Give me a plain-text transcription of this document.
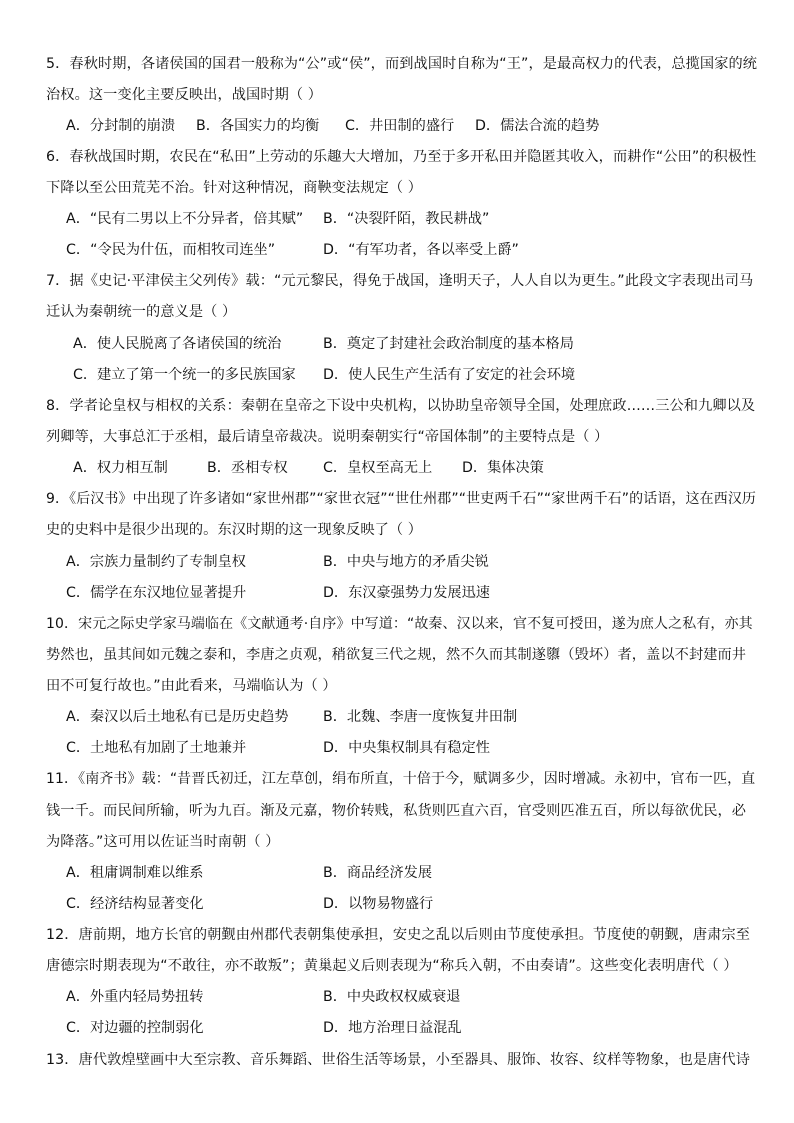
5．春秋时期，各诸侯国的国君一般称为“公”或“侯”，而到战国时自称为“王”，是最高权力的代表，总揽国家的统
治权。这一变化主要反映出，战国时期（ ）
A．分封制的崩溃 B．各国实力的均衡 C．井田制的盛行 D．儒法合流的趋势
6．春秋战国时期，农民在“私田”上劳动的乐趣大大增加，乃至于多开私田并隐匿其收入，而耕作“公田”的积极性
下降以至公田荒芜不治。针对这种情况，商鞅变法规定（ ）
A．“民有二男以上不分异者，倍其赋” B．“决裂阡陌，教民耕战”
C．“令民为什伍，而相牧司连坐”	D．“有军功者，各以率受上爵”
7．据《史记·平津侯主父列传》载：“元元黎民，得免于战国，逢明天子，人人自以为更生。”此段文字表现出司马
迁认为秦朝统一的意义是（ ）
A．使人民脱离了各诸侯国的统治	B．奠定了封建社会政治制度的基本格局
C．建立了第一个统一的多民族国家 D．使人民生产生活有了安定的社会环境
8．学者论皇权与相权的关系：秦朝在皇帝之下设中央机构，以协助皇帝领导全国，处理庶政……三公和九卿以及
列卿等，大事总汇于丞相，最后请皇帝裁决。说明秦朝实行“帝国体制”的主要特点是（ ）
A．权力相互制	B．丞相专权 C．皇权至高无上 D．集体决策
9．《后汉书》中出现了许多诸如“家世州郡”“家世衣冠”“世仕州郡”“世吏两千石”“家世两千石”的话语，这在西汉历
史的史料中是很少出现的。东汉时期的这一现象反映了（ ）
A．宗族力量制约了专制皇权	B．中央与地方的矛盾尖锐
C．儒学在东汉地位显著提升	D．东汉豪强势力发展迅速
10．宋元之际史学家马端临在《文献通考·自序》中写道：“故秦、汉以来，官不复可授田，遂为庶人之私有，亦其
势然也，虽其间如元魏之泰和，李唐之贞观，稍欲复三代之规，然不久而其制遂隳（毁坏）者，盖以不封建而井
田不可复行故也。”由此看来，马端临认为（ ）
A．秦汉以后土地私有已是历史趋势 B．北魏、李唐一度恢复井田制
C．土地私有加剧了土地兼并	D．中央集权制具有稳定性
11．《南齐书》载：“昔晋氏初迁，江左草创，绢布所直，十倍于今，赋调多少，因时增减。永初中，官布一匹，直
钱一千。而民间所输，听为九百。渐及元嘉，物价转贱，私货则匹直六百，官受则匹准五百，所以每欲优民，必
为降落。”这可用以佐证当时南朝（ ）
A．租庸调制难以维系	B．商品经济发展
C．经济结构显著变化	D．以物易物盛行
12．唐前期，地方长官的朝觐由州郡代表朝集使承担，安史之乱以后则由节度使承担。节度使的朝觐，唐肃宗至
唐德宗时期表现为“不敢往，亦不敢叛”；黄巢起义后则表现为“称兵入朝，不由奏请”。这些变化表明唐代（ ）
A．外重内轻局势扭转	B．中央政权权威衰退
C．对边疆的控制弱化	D．地方治理日益混乱
13．唐代敦煌壁画中大至宗教、音乐舞蹈、世俗生活等场景，小至器具、服饰、妆容、纹样等物象，也是唐代诗
